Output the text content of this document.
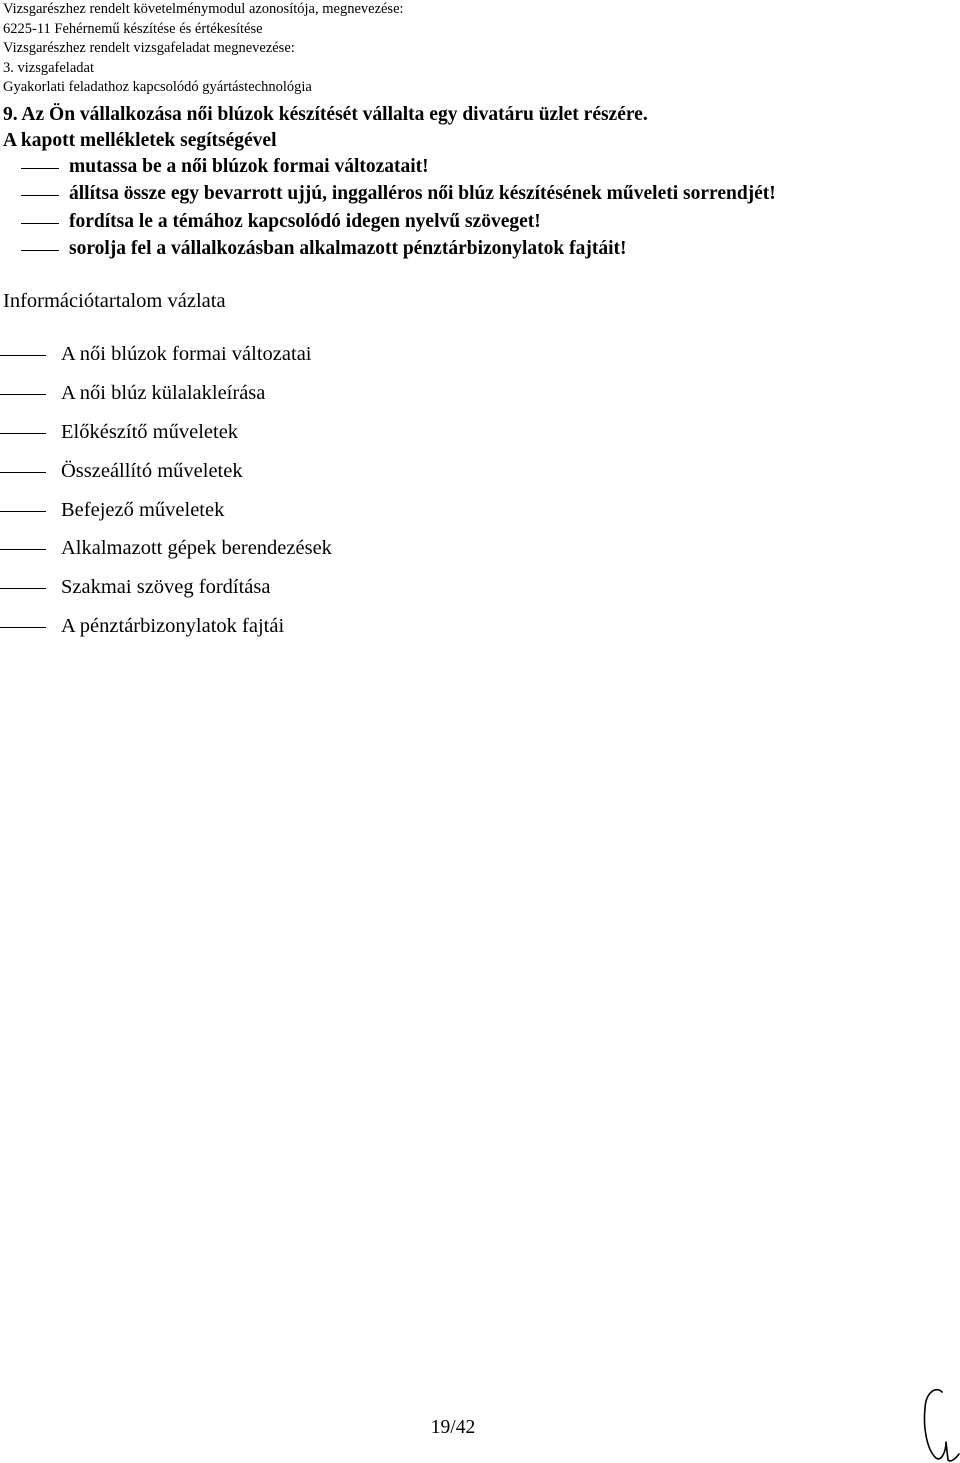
Vizsgarészhez rendelt követelménymodul azonosítója, megnevezése:
6225-11 Fehérnemű készítése és értékesítése
Vizsgarészhez rendelt vizsgafeladat megnevezése:
3. vizsgafeladat
Gyakorlati feladathoz kapcsolódó gyártástechnológia
9. Az Ön vállalkozása női blúzok készítését vállalta egy divatáru üzlet részére.
A kapott mellékletek segítségével
mutassa be a női blúzok formai változatait!
állítsa össze egy bevarrott ujjú, inggalléros női blúz készítésének műveleti sorrendjét!
fordítsa le a témához kapcsolódó idegen nyelvű szöveget!
sorolja fel a vállalkozásban alkalmazott pénztárbizonylatok fajtáit!
Információtartalom vázlata
A női blúzok formai változatai
A női blúz külalakleírása
Előkészítő műveletek
Összeállító műveletek
Befejező műveletek
Alkalmazott gépek berendezések
Szakmai szöveg fordítása
A pénztárbizonylatok fajtái
19/42
